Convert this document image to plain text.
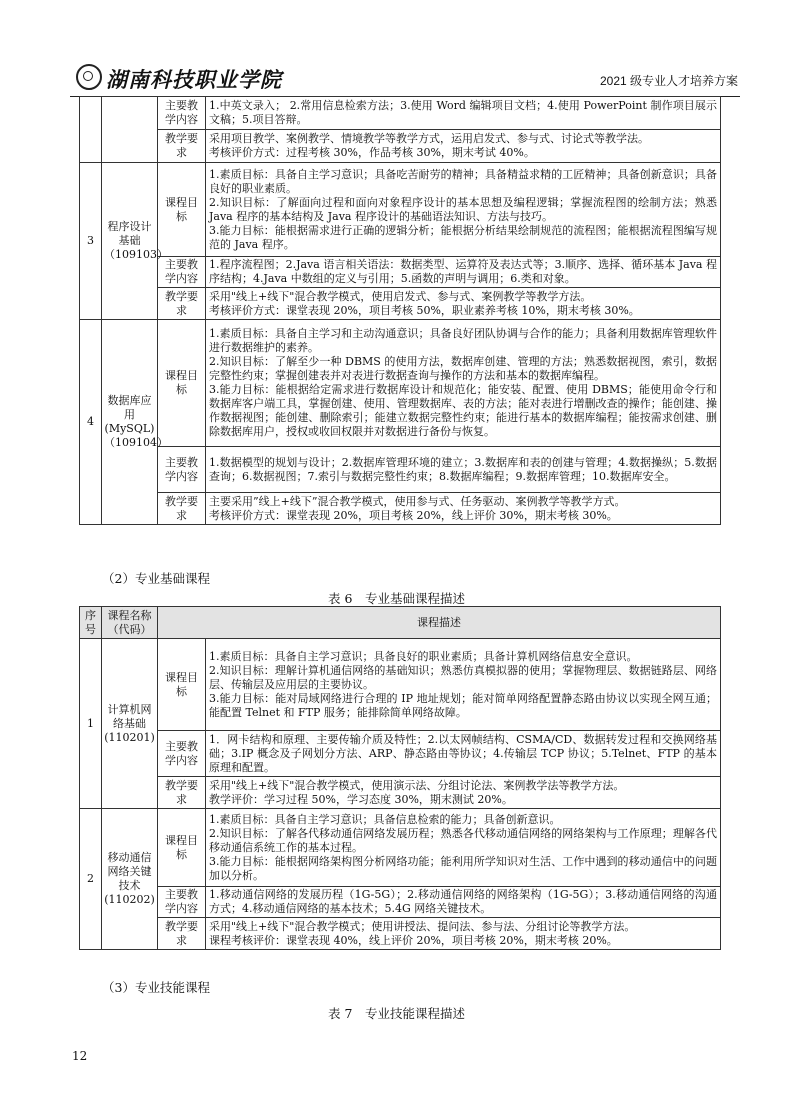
湖南科技职业学院	2021 级专业人才培养方案
		主要教学内容	1.中英文录入； 2.常用信息检索方法；3.使用 Word 编辑项目文档；4.使用 PowerPoint 制作项目展示文稿；5.项目答辩。

		教学要求	采用项目教学、案例教学、情境教学等教学方式，运用启发式、参与式、讨论式等教学法。
考核评价方式：过程考核 30%，作品考核 30%，期末考试 40%。

3	程序设计基础（109103）	课程目标	1.素质目标：具备自主学习意识；具备吃苦耐劳的精神；具备精益求精的工匠精神；具备创新意识；具备良好的职业素质。
2.知识目标：了解面向过程和面向对象程序设计的基本思想及编程逻辑；掌握流程图的绘制方法；熟悉 Java 程序的基本结构及 Java 程序设计的基础语法知识、方法与技巧。
3.能力目标：能根据需求进行正确的逻辑分析；能根据分析结果绘制规范的流程图；能根据流程图编写规范的 Java 程序。

		主要教学内容	1.程序流程图；2.Java 语言相关语法：数据类型、运算符及表达式等；3.顺序、选择、循环基本 Java 程序结构；4.Java 中数组的定义与引用；5.函数的声明与调用；6.类和对象。

		教学要求	采用"线上+线下"混合教学模式，使用启发式、参与式、案例教学等教学方法。
考核评价方式：课堂表现 20%，项目考核 50%，职业素养考核 10%，期末考核 30%。

4	数据库应用(MySQL)（109104）	课程目标	1.素质目标：具备自主学习和主动沟通意识；具备良好团队协调与合作的能力；具备利用数据库管理软件进行数据维护的素养。
2.知识目标：了解至少一种 DBMS 的使用方法，数据库创建、管理的方法；熟悉数据视图，索引，数据完整性约束；掌握创建表并对表进行数据查询与操作的方法和基本的数据库编程。
3.能力目标：能根据给定需求进行数据库设计和规范化；能安装、配置、使用 DBMS；能使用命令行和数据库客户端工具，掌握创建、使用、管理数据库、表的方法；能对表进行增删改查的操作；能创建、操作数据视图；能创建、删除索引；能建立数据完整性约束；能进行基本的数据库编程；能按需求创建、删除数据库用户，授权或收回权限并对数据进行备份与恢复。

		主要教学内容	1.数据模型的规划与设计；2.数据库管理环境的建立；3.数据库和表的创建与管理；4.数据操纵；5.数据查询；6.数据视图；7.索引与数据完整性约束；8.数据库编程；9.数据库管理；10.数据库安全。

		教学要求	主要采用”线上+线下”混合教学模式，使用参与式、任务驱动、案例教学等教学方式。
考核评价方式：课堂表现 20%，项目考核 20%，线上评价 30%，期末考核 30%。
（2）专业基础课程
表 6　专业基础课程描述
序号	课程名称（代码）	课程描述	
1	计算机网络基础(110201)	课程目标	1.素质目标：具备自主学习意识；具备良好的职业素质；具备计算机网络信息安全意识。
2.知识目标：理解计算机通信网络的基础知识；熟悉仿真模拟器的使用；掌握物理层、数据链路层、网络层、传输层及应用层的主要协议。
3.能力目标：能对局域网络进行合理的 IP 地址规划；能对简单网络配置静态路由协议以实现全网互通；能配置 Telnet 和 FTP 服务；能排除简单网络故障。

		主要教学内容	1．网卡结构和原理、主要传输介质及特性；2.以太网帧结构、CSMA/CD、数据转发过程和交换网络基础；3.IP 概念及子网划分方法、ARP、静态路由等协议；4.传输层 TCP 协议；5.Telnet、FTP 的基本原理和配置。

		教学要求	采用"线上+线下"混合教学模式，使用演示法、分组讨论法、案例教学法等教学方法。
教学评价：学习过程 50%，学习态度 30%，期末测试 20%。

2	移动通信网络关键技术(110202)	课程目标	1.素质目标：具备自主学习意识；具备信息检索的能力；具备创新意识。
2.知识目标：了解各代移动通信网络发展历程；熟悉各代移动通信网络的网络架构与工作原理；理解各代移动通信系统工作的基本过程。
3.能力目标：能根据网络架构图分析网络功能；能利用所学知识对生活、工作中遇到的移动通信中的问题加以分析。

		主要教学内容	1.移动通信网络的发展历程（1G-5G）；2.移动通信网络的网络架构（1G-5G）；3.移动通信网络的沟通方式；4.移动通信网络的基本技术；5.4G 网络关键技术。

		教学要求	采用"线上+线下"混合教学模式；使用讲授法、提问法、参与法、分组讨论等教学方法。
课程考核评价：课堂表现 40%，线上评价 20%，项目考核 20%，期末考核 20%。
（3）专业技能课程
表 7　专业技能课程描述
12
